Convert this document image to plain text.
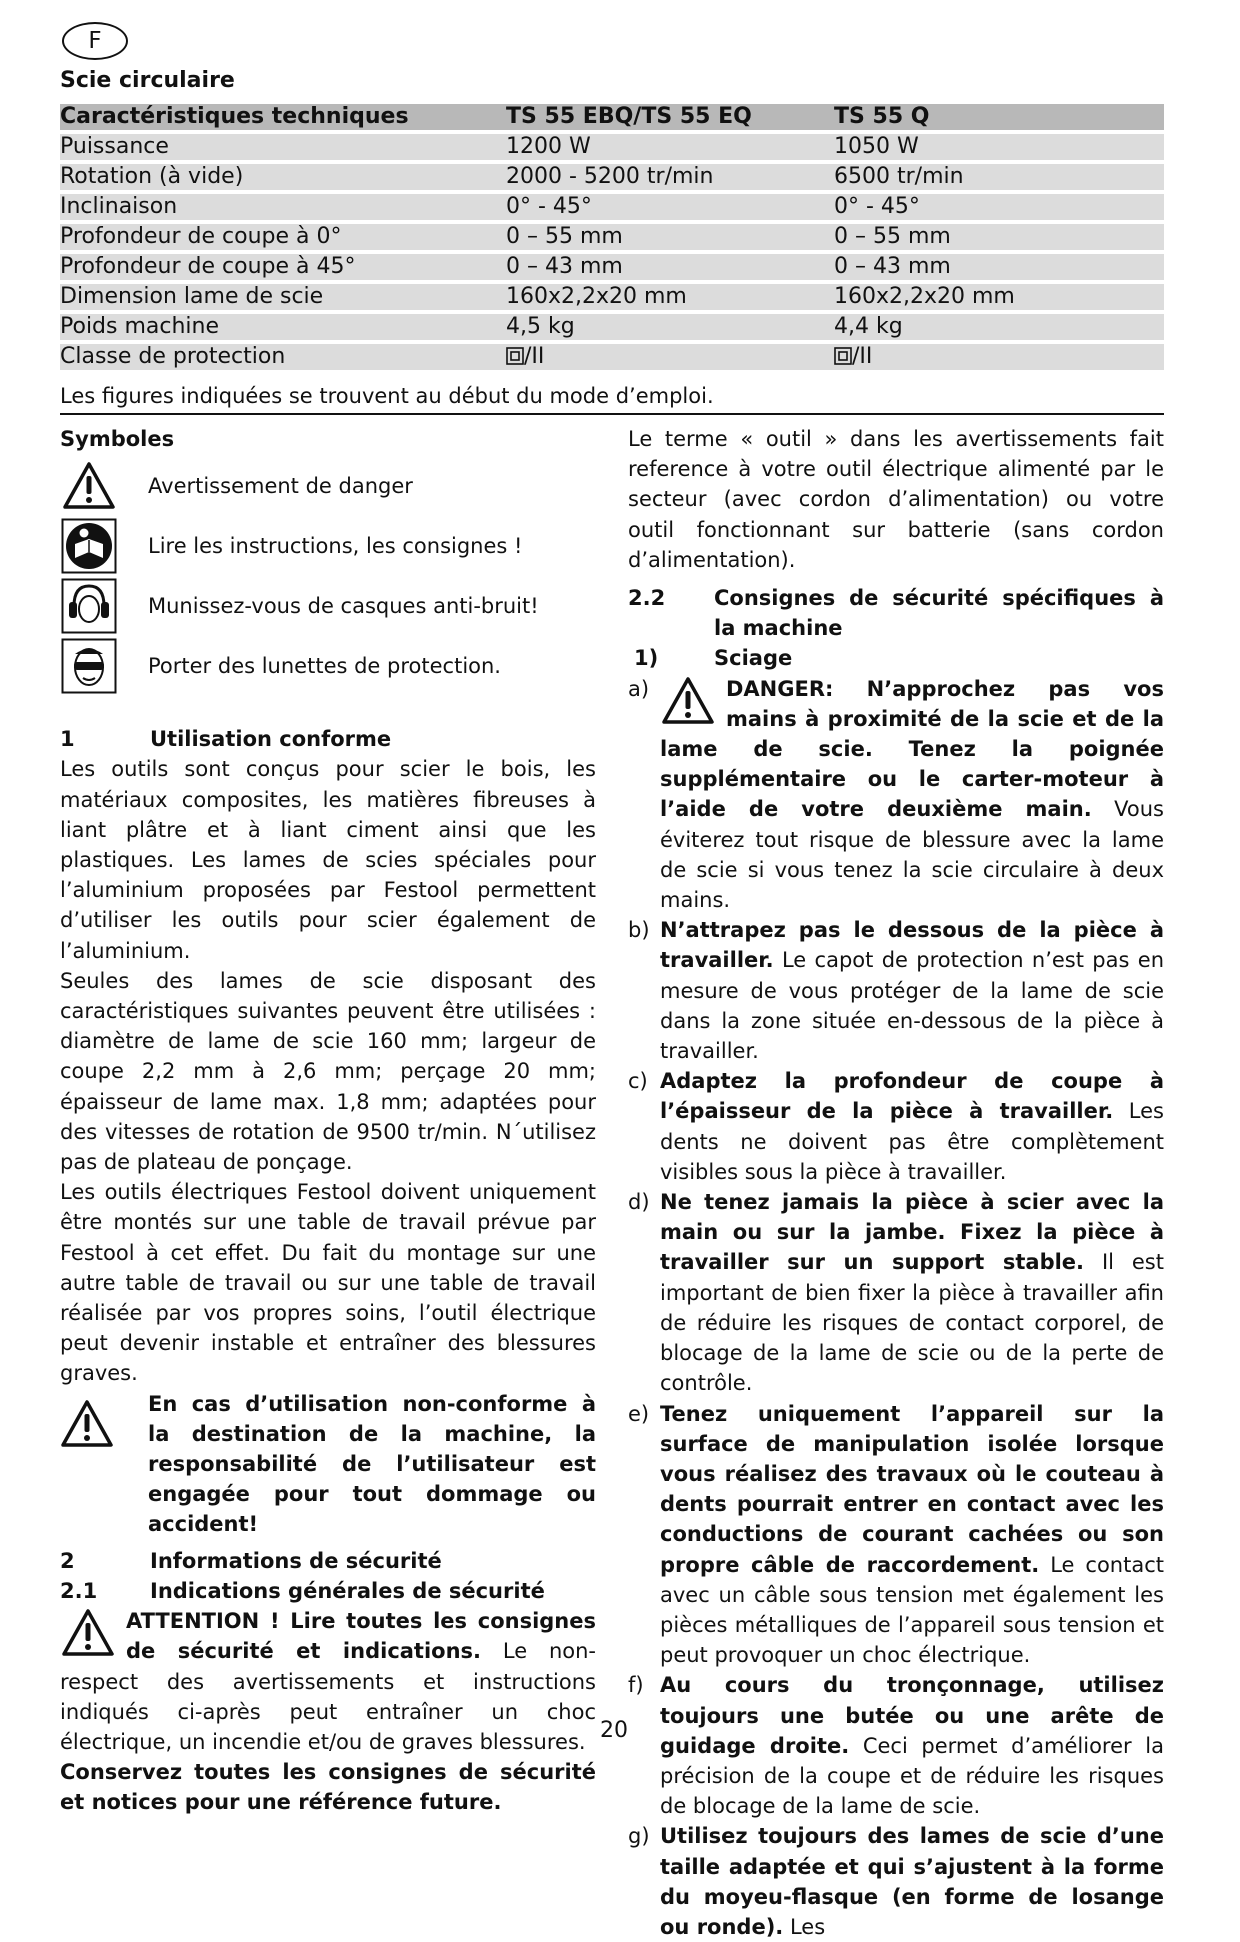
F
Scie circulaire
Caractéristiques techniques	TS 55 EBQ/TS 55 EQ	TS 55 Q
Puissance	1200 W	1050 W
Rotation (à vide)	2000 - 5200 tr/min	6500 tr/min
Inclinaison	0° - 45°	0° - 45°
Profondeur de coupe à 0°	0 – 55 mm	0 – 55 mm
Profondeur de coupe à 45°	0 – 43 mm	0 – 43 mm
Dimension lame de scie	160x2,2x20 mm	160x2,2x20 mm
Poids machine	4,5 kg	4,4 kg
Classe de protection	/II	/II
Les figures indiquées se trouvent au début du mode d’emploi.
Symboles
Avertissement de danger
Lire les instructions, les consignes !
Munissez-vous de casques anti-bruit!
Porter des lunettes de protection.
1	Utilisation conforme
Les outils sont conçus pour scier le bois, les matériaux composites, les matières fibreuses à liant plâtre et à liant ciment ainsi que les plastiques. Les lames de scies spéciales pour l’aluminium proposées par Festool permettent d’utiliser les outils pour scier également de l’aluminium.
Seules des lames de scie disposant des caractéristiques suivantes peuvent être utilisées : diamètre de lame de scie 160 mm; largeur de coupe 2,2 mm à 2,6 mm; perçage 20 mm; épaisseur de lame max. 1,8 mm; adaptées pour des vitesses de rotation de 9500 tr/min. N´utilisez pas de plateau de ponçage.
Les outils électriques Festool doivent uniquement être montés sur une table de travail prévue par Festool à cet effet. Du fait du montage sur une autre table de travail ou sur une table de travail réalisée par vos propres soins, l’outil électrique peut devenir instable et entraîner des blessures graves.
En cas d’utilisation non-conforme à la destination de la machine, la responsabilité de l’utilisateur est engagée pour tout dommage ou accident!
2	Informations de sécurité
2.1	Indications générales de sécurité
ATTENTION ! Lire toutes les consignes de sécurité et indications. Le non-respect des avertissements et instructions indiqués ci-après peut entraîner un choc électrique, un incendie et/ou de graves blessures.
Conservez toutes les consignes de sécurité et notices pour une référence future.
Le terme « outil » dans les avertissements fait reference à votre outil électrique alimenté par le secteur (avec cordon d’alimentation) ou votre outil fonctionnant sur batterie (sans cordon d’alimentation).
2.2	Consignes de sécurité spécifiques à la machine
1)	Sciage
a)	DANGER: N’approchez pas vos mains à proximité de la scie et de la lame de scie. Tenez la poignée supplémentaire ou le carter-moteur à l’aide de votre deuxième main. Vous éviterez tout risque de blessure avec la lame de scie si vous tenez la scie circulaire à deux mains.
b) N’attrapez pas le dessous de la pièce à travailler. Le capot de protection n’est pas en mesure de vous protéger de la lame de scie dans la zone située en-dessous de la pièce à travailler.
c) Adaptez la profondeur de coupe à l’épaisseur de la pièce à travailler. Les dents ne doivent pas être complètement visibles sous la pièce à travailler.
d) Ne tenez jamais la pièce à scier avec la main ou sur la jambe. Fixez la pièce à travailler sur un support stable. Il est important de bien fixer la pièce à travailler afin de réduire les risques de contact corporel, de blocage de la lame de scie ou de la perte de contrôle.
e) Tenez uniquement l’appareil sur la surface de manipulation isolée lorsque vous réalisez des travaux où le couteau à dents pourrait entrer en contact avec les conductions de courant cachées ou son propre câble de raccordement. Le contact avec un câble sous tension met également les pièces métalliques de l’appareil sous tension et peut provoquer un choc électrique.
f) Au cours du tronçonnage, utilisez toujours une butée ou une arête de guidage droite. Ceci permet d’améliorer la précision de la coupe et de réduire les risques de blocage de la lame de scie.
g) Utilisez toujours des lames de scie d’une taille adaptée et qui s’ajustent à la forme du moyeu-flasque (en forme de losange ou ronde). Les
20
